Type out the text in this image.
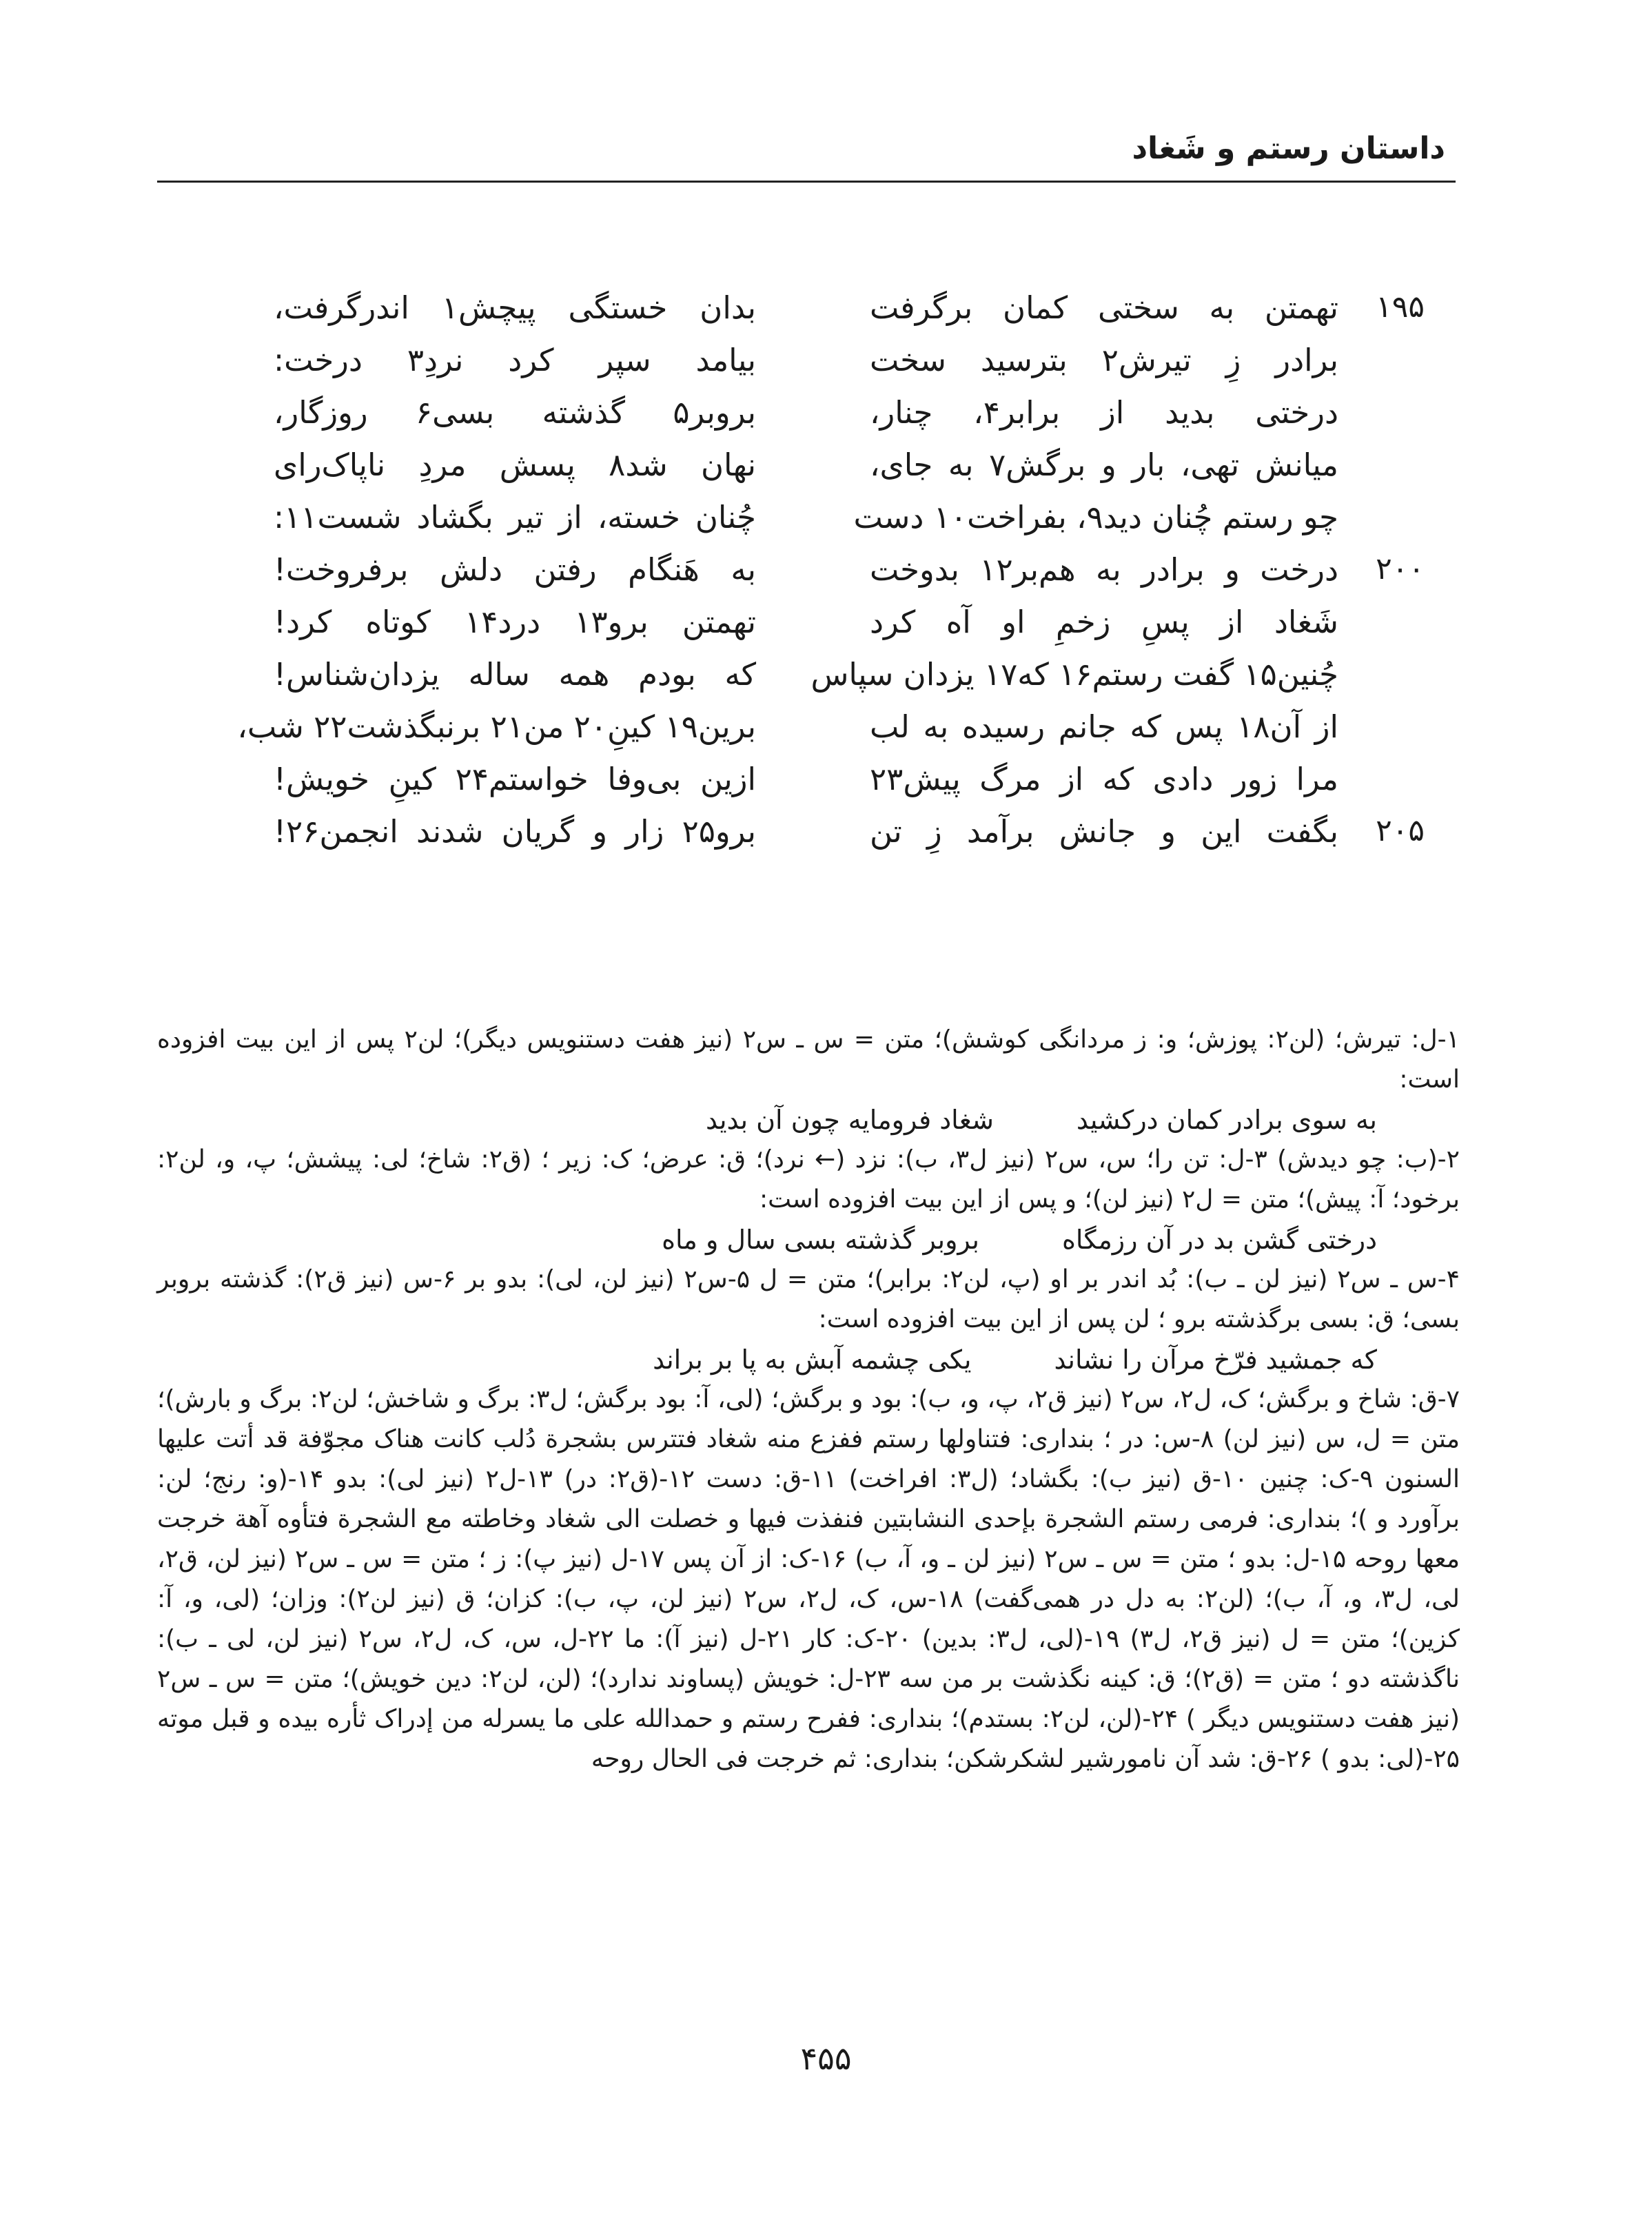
داستان رستم و شَغاد
۱۹۵
تهمتن به سختی کمان برگرفت
بدان خستگی پیچش۱ اندرگرفت،
برادر زِ تیرش۲ بترسید سخت
بیامد سپر کرد نردِ۳ درخت:
درختی بدید از برابر۴، چنار،
بروبر۵ گذشته بسی۶ روزگار،
میانش تهی، بار و برگش۷ به جای،
نهان شد۸ پسش مردِ ناپاک‌رای
چو رستم چُنان دید۹، بفراخت۱۰ دست
چُنان خسته، از تیر بگشاد شست۱۱:
۲۰۰
درخت و برادر به هم‌بر۱۲ بدوخت
به هَنگام رفتن دلش برفروخت!
شَغاد از پسِ زخمِ او آه کرد
تهمتن برو۱۳ درد۱۴ کوتاه کرد!
چُنین۱۵ گفت رستم۱۶ که۱۷ یزدان سپاس
که بودم همه ساله یزدان‌شناس!
از آن۱۸ پس که جانم رسیده به لب
برین۱۹ کینِ۲۰ من۲۱ برنبگذشت۲۲ شب،
مرا زور دادی که از مرگ پیش۲۳
ازین بی‌وفا خواستم۲۴ کینِ خویش!
۲۰۵
بگفت این و جانش برآمد زِ تن
برو۲۵ زار و گریان شدند انجمن۲۶!

۱-ل: تیرش؛ (لن۲: پوزش؛ و: ز مردانگی کوشش)؛ متن = س‌ ـ س۲ (نیز هفت دستنویس دیگر)؛ لن۲ پس از این بیت افزوده است:

به سوی برادر کمان درکشید
شغاد فرومایه چون آن بدید

۲-(ب: چو دیدش) ۳-ل: تن را؛ س، س۲ (نیز ل۳، ب): نزد (← نرد)؛ ق: عرض؛ ک: زیر ؛ (ق۲: شاخ؛ لی: پیشش؛ پ، و، لن۲: برخود؛ آ: پیش)؛ متن = ل۲ (نیز لن)؛ و پس از این بیت افزوده است:

درختی گشن بد در آن رزمگاه
بروبر گذشته بسی سال و ماه

۴-س ـ س۲ (نیز لن ـ ب): بُد اندر بر او (پ، لن۲: برابر)؛ متن = ل ۵-س۲ (نیز لن، لی): بدو بر ۶-س (نیز ق۲): گذشته بروبر بسی؛ ق: بسی برگذشته برو ؛ لن پس از این بیت افزوده است:

که جمشید فرّخ مرآن را نشاند
یکی چشمه آبش به پا بر براند

۷-ق: شاخ و برگش؛ ک، ل۲، س۲ (نیز ق۲، پ، و، ب): بود و برگش؛ (لی، آ: بود برگش؛ ل۳: برگ و شاخش؛ لن۲: برگ و بارش)؛ متن = ل، س (نیز لن) ۸-س: در ؛ بنداری: فتناولها رستم ففزع منه شغاد فتترس بشجرة دُلب کانت هناک مجوّفة قد أتت علیها السنون ۹-ک: چنین ۱۰-ق (نیز ب): بگشاد؛ (ل۳: افراخت) ۱۱-ق: دست ۱۲-(ق۲: در) ۱۳-ل۲ (نیز لی): بدو ۱۴-(و: رنج؛ لن: برآورد و )؛ بنداری: فرمی رستم الشجرة بإحدی النشابتین فنفذت فیها و خصلت الی شغاد وخاطته مع الشجرة فتأوه آهة خرجت معها روحه ۱۵-ل: بدو ؛ متن = س ـ س۲ (نیز لن ـ و، آ، ب) ۱۶-ک: از آن پس ۱۷-ل (نیز پ): ز ؛ متن = س ـ س۲ (نیز لن، ق۲، لی، ل۳، و، آ، ب)؛ (لن۲: به دل در همی‌گفت) ۱۸-س، ک، ل۲، س۲ (نیز لن، پ، ب): کزان؛ ق (نیز لن۲): وزان؛ (لی، و، آ: کزین)؛ متن = ل (نیز ق۲، ل۳) ۱۹-(لی، ل۳: بدین) ۲۰-ک: کار ۲۱-ل (نیز آ): ما ۲۲-ل، س، ک، ل۲، س۲ (نیز لن، لی ـ ب): ناگذشته دو ؛ متن = (ق۲)؛ ق: کینه نگذشت بر من سه ۲۳-ل: خویش (پساوند ندارد)؛ (لن، لن۲: دین خویش)؛ متن = س ـ س۲ (نیز هفت دستنویس دیگر ) ۲۴-(لن، لن۲: بستدم)؛ بنداری: ففرح رستم و حمدالله علی ما یسرله من إدراک ثأره بیده و قبل موته ۲۵-(لی: بدو ) ۲۶-ق: شد آن نامورشیر لشکرشکن؛ بنداری: ثم خرجت فی الحال روحه

۴۵۵
